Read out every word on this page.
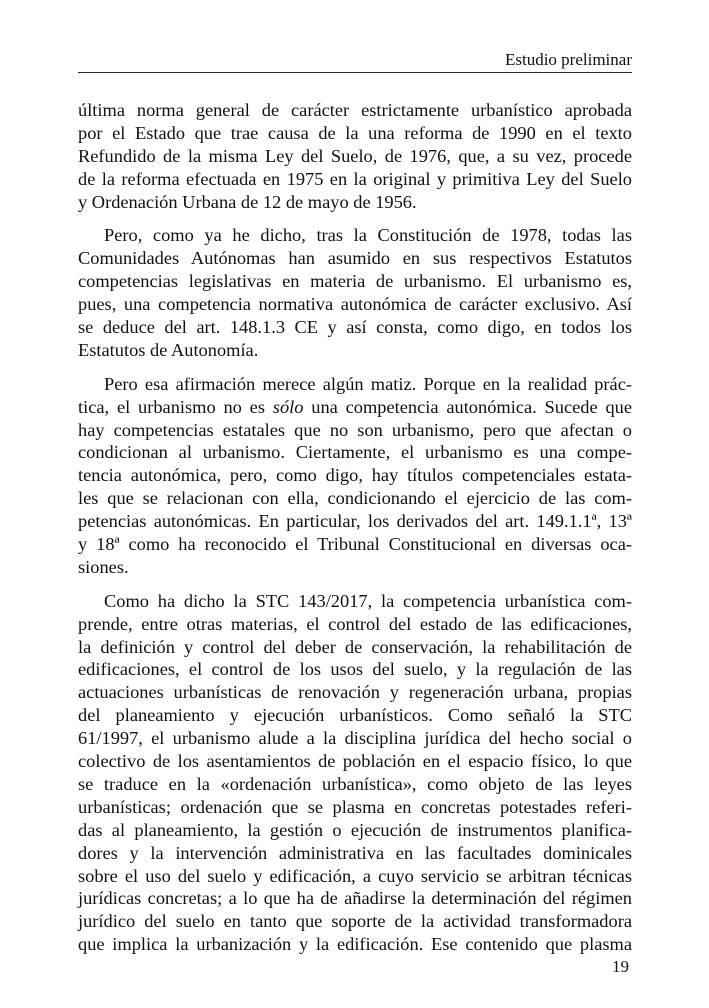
Estudio preliminar
última norma general de carácter estrictamente urbanístico aprobada
por el Estado que trae causa de la una reforma de 1990 en el texto
Refundido de la misma Ley del Suelo, de 1976, que, a su vez, procede
de la reforma efectuada en 1975 en la original y primitiva Ley del Suelo
y Ordenación Urbana de 12 de mayo de 1956.
Pero, como ya he dicho, tras la Constitución de 1978, todas las
Comunidades Autónomas han asumido en sus respectivos Estatutos
competencias legislativas en materia de urbanismo. El urbanismo es,
pues, una competencia normativa autonómica de carácter exclusivo. Así
se deduce del art. 148.1.3 CE y así consta, como digo, en todos los
Estatutos de Autonomía.
Pero esa afirmación merece algún matiz. Porque en la realidad prác-
tica, el urbanismo no es sólo una competencia autonómica. Sucede que
hay competencias estatales que no son urbanismo, pero que afectan o
condicionan al urbanismo. Ciertamente, el urbanismo es una compe-
tencia autonómica, pero, como digo, hay títulos competenciales estata-
les que se relacionan con ella, condicionando el ejercicio de las com-
petencias autonómicas. En particular, los derivados del art. 149.1.1ª, 13ª
y 18ª como ha reconocido el Tribunal Constitucional en diversas oca-
siones.
Como ha dicho la STC 143/2017, la competencia urbanística com-
prende, entre otras materias, el control del estado de las edificaciones,
la definición y control del deber de conservación, la rehabilitación de
edificaciones, el control de los usos del suelo, y la regulación de las
actuaciones urbanísticas de renovación y regeneración urbana, propias
del planeamiento y ejecución urbanísticos. Como señaló la STC
61/1997, el urbanismo alude a la disciplina jurídica del hecho social o
colectivo de los asentamientos de población en el espacio físico, lo que
se traduce en la «ordenación urbanística», como objeto de las leyes
urbanísticas; ordenación que se plasma en concretas potestades referi-
das al planeamiento, la gestión o ejecución de instrumentos planifica-
dores y la intervención administrativa en las facultades dominicales
sobre el uso del suelo y edificación, a cuyo servicio se arbitran técnicas
jurídicas concretas; a lo que ha de añadirse la determinación del régimen
jurídico del suelo en tanto que soporte de la actividad transformadora
que implica la urbanización y la edificación. Ese contenido que plasma
19
